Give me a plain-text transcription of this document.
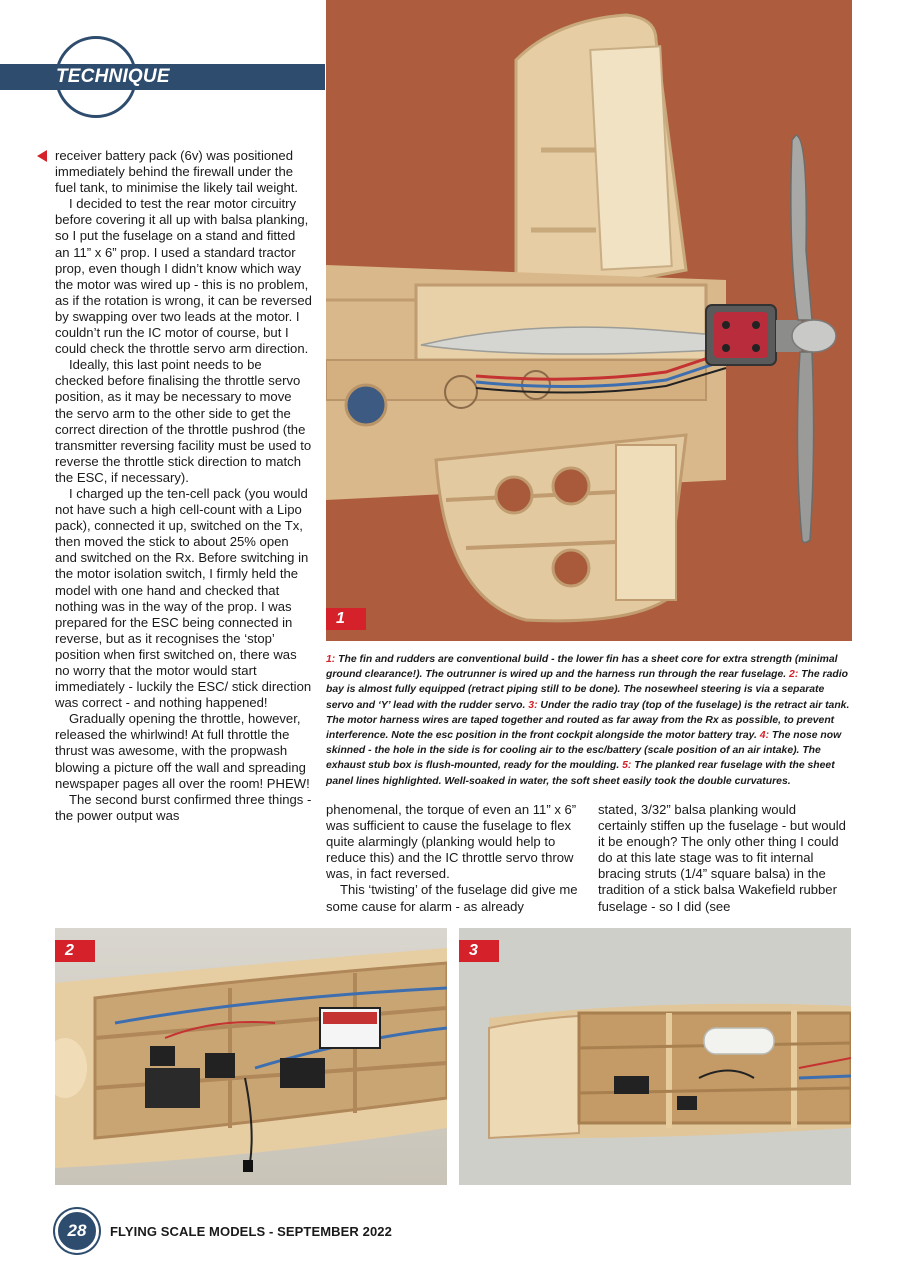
TECHNIQUE

receiver battery pack (6v) was positioned immediately behind the firewall under the fuel tank, to minimise the likely tail weight.

I decided to test the rear motor circuitry before covering it all up with balsa planking, so I put the fuselage on a stand and fitted an 11” x 6” prop. I used a standard tractor prop, even though I didn’t know which way the motor was wired up - this is no problem, as if the rotation is wrong, it can be reversed by swapping over two leads at the motor. I couldn’t run the IC motor of course, but I could check the throttle servo arm direction.

Ideally, this last point needs to be checked before finalising the throttle servo position, as it may be necessary to move the servo arm to the other side to get the correct direction of the throttle pushrod (the transmitter reversing facility must be used to reverse the throttle stick direction to match the ESC, if necessary).

I charged up the ten-cell pack (you would not have such a high cell-count with a Lipo pack), connected it up, switched on the Tx, then moved the stick to about 25% open and switched on the Rx. Before switching in the motor isolation switch, I firmly held the model with one hand and checked that nothing was in the way of the prop. I was prepared for the ESC being connected in reverse, but as it recognises the ‘stop’ position when first switched on, there was no worry that the motor would start immediately - luckily the ESC/ stick direction was correct - and nothing happened!

Gradually opening the throttle, however, released the whirlwind! At full throttle the thrust was awesome, with the propwash blowing a picture off the wall and spreading newspaper pages all over the room! PHEW!

The second burst confirmed three things - the power output was

1
1: The fin and rudders are conventional build - the lower fin has a sheet core for extra strength (minimal ground clearance!). The outrunner is wired up and the harness run through the rear fuselage. 2: The radio bay is almost fully equipped (retract piping still to be done). The nosewheel steering is via a separate servo and ‘Y’ lead with the rudder servo. 3: Under the radio tray (top of the fuselage) is the retract air tank. The motor harness wires are taped together and routed as far away from the Rx as possible, to prevent interference. Note the esc position in the front cockpit alongside the motor battery tray. 4: The nose now skinned - the hole in the side is for cooling air to the esc/battery (scale position of an air intake). The exhaust stub box is flush-mounted, ready for the moulding. 5: The planked rear fuselage with the sheet panel lines highlighted. Well-soaked in water, the soft sheet easily took the double curvatures.

phenomenal, the torque of even an 11” x 6” was sufficient to cause the fuselage to flex quite alarmingly (planking would help to reduce this) and the IC throttle servo throw was, in fact reversed.

This ‘twisting’ of the fuselage did give me some cause for alarm - as already

stated, 3/32” balsa planking would certainly stiffen up the fuselage - but would it be enough? The only other thing I could do at this late stage was to fit internal bracing struts (1/4” square balsa) in the tradition of a stick balsa Wakefield rubber fuselage - so I did (see

2	3
28	FLYING SCALE MODELS - SEPTEMBER 2022
